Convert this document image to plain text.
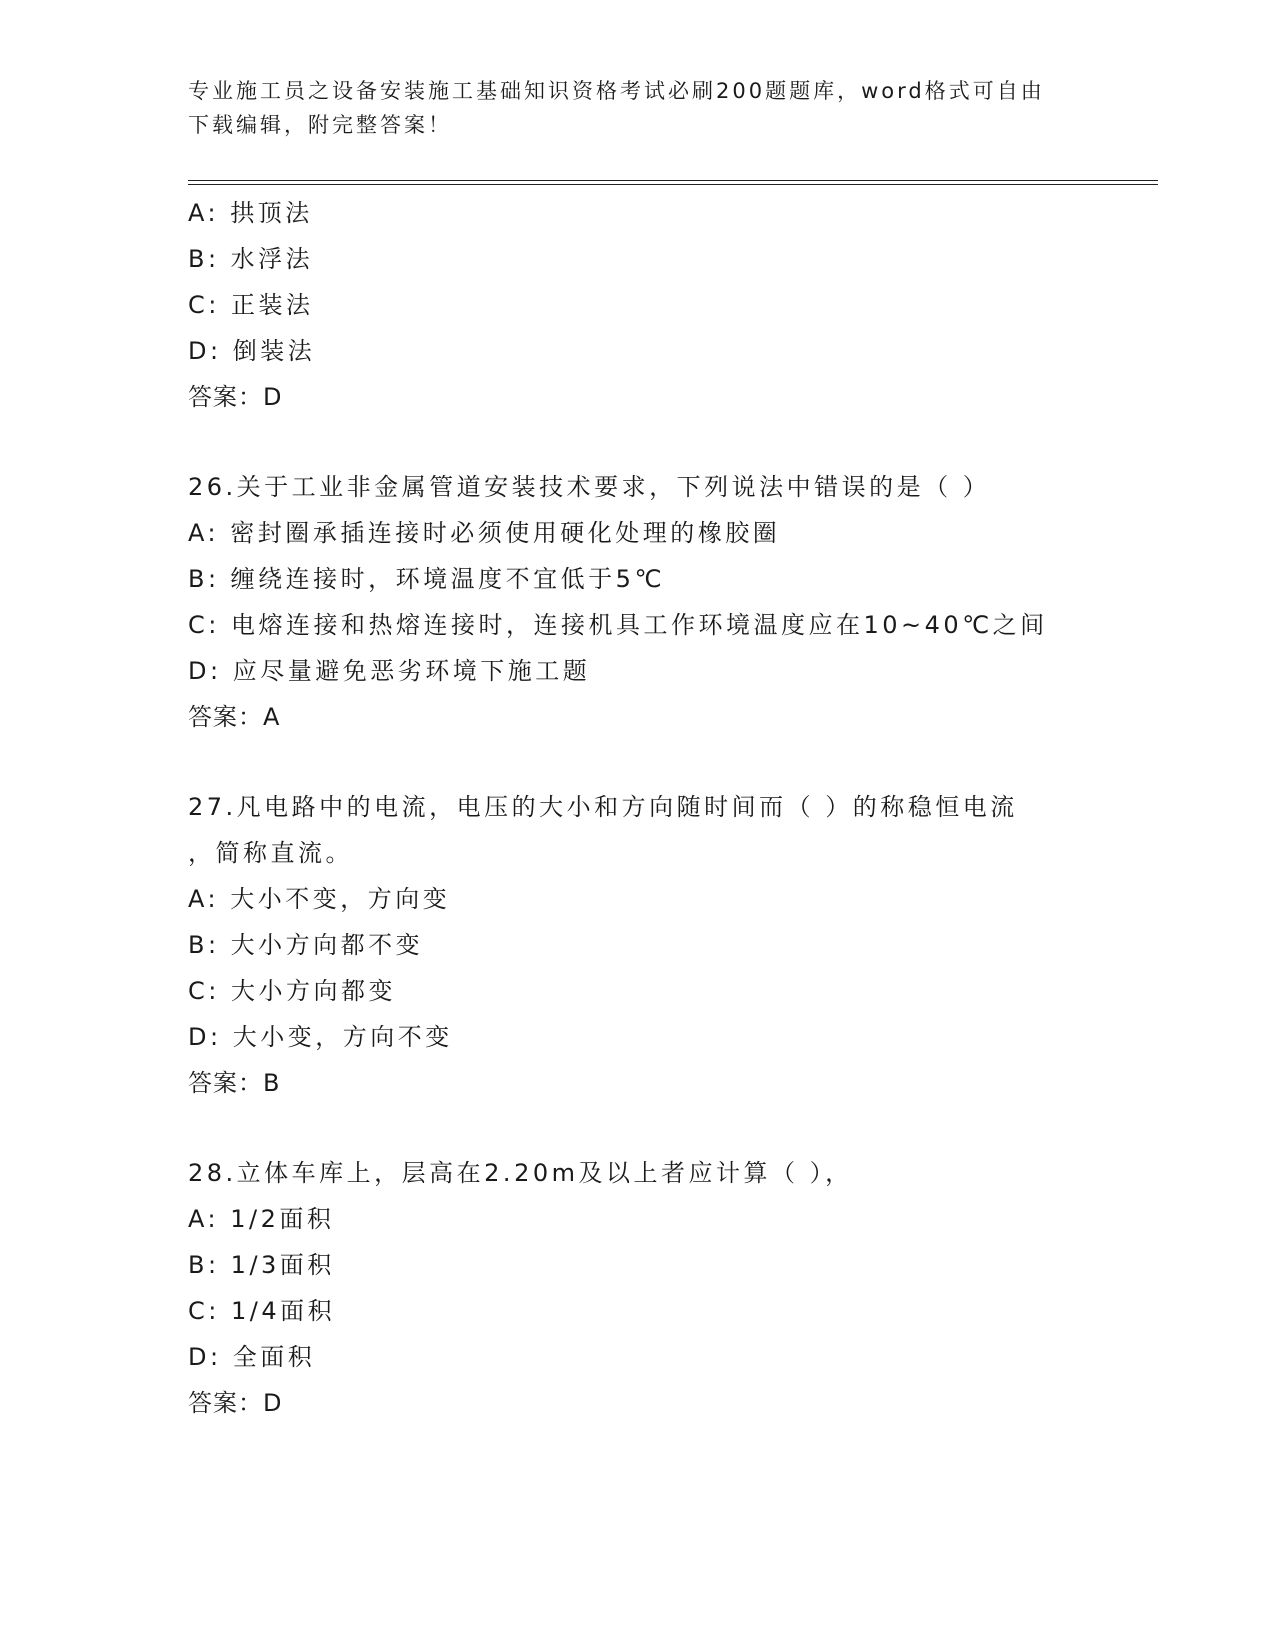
专业施工员之设备安装施工基础知识资格考试必刷200题题库，word格式可自由
下载编辑，附完整答案！
A: 拱顶法
B: 水浮法
C: 正装法
D: 倒装法
答案：D
26.关于工业非金属管道安装技术要求，下列说法中错误的是（ ）
A: 密封圈承插连接时必须使用硬化处理的橡胶圈
B: 缠绕连接时，环境温度不宜低于5℃
C: 电熔连接和热熔连接时，连接机具工作环境温度应在10~40℃之间
D: 应尽量避免恶劣环境下施工题
答案：A
27.凡电路中的电流，电压的大小和方向随时间而（ ）的称稳恒电流
，简称直流。
A: 大小不变，方向变
B: 大小方向都不变
C: 大小方向都变
D: 大小变，方向不变
答案：B
28.立体车库上，层高在2.20m及以上者应计算（ ），
A: 1/2面积
B: 1/3面积
C: 1/4面积
D: 全面积
答案：D
